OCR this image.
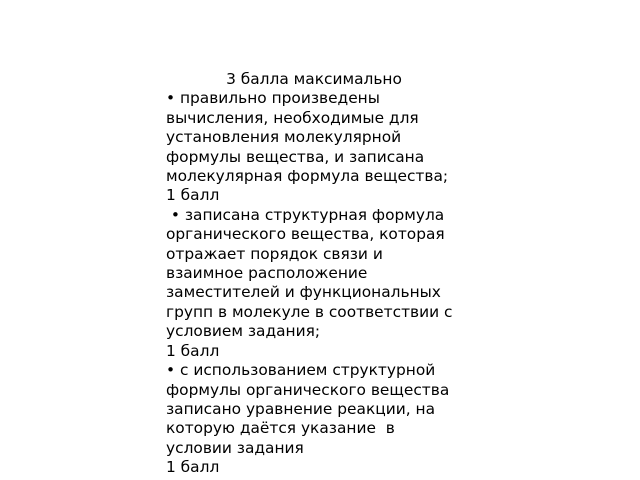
3 балла максимально
• правильно произведены
вычисления, необходимые для
установления молекулярной
формулы вещества, и записана
молекулярная формула вещества;
1 балл
• записана структурная формула
органического вещества, которая
отражает порядок связи и
взаимное расположение
заместителей и функциональных
групп в молекуле в соответствии с
условием задания;
1 балл
• с использованием структурной
формулы органического вещества
записано уравнение реакции, на
которую даётся указание  в
условии задания
1 балл
